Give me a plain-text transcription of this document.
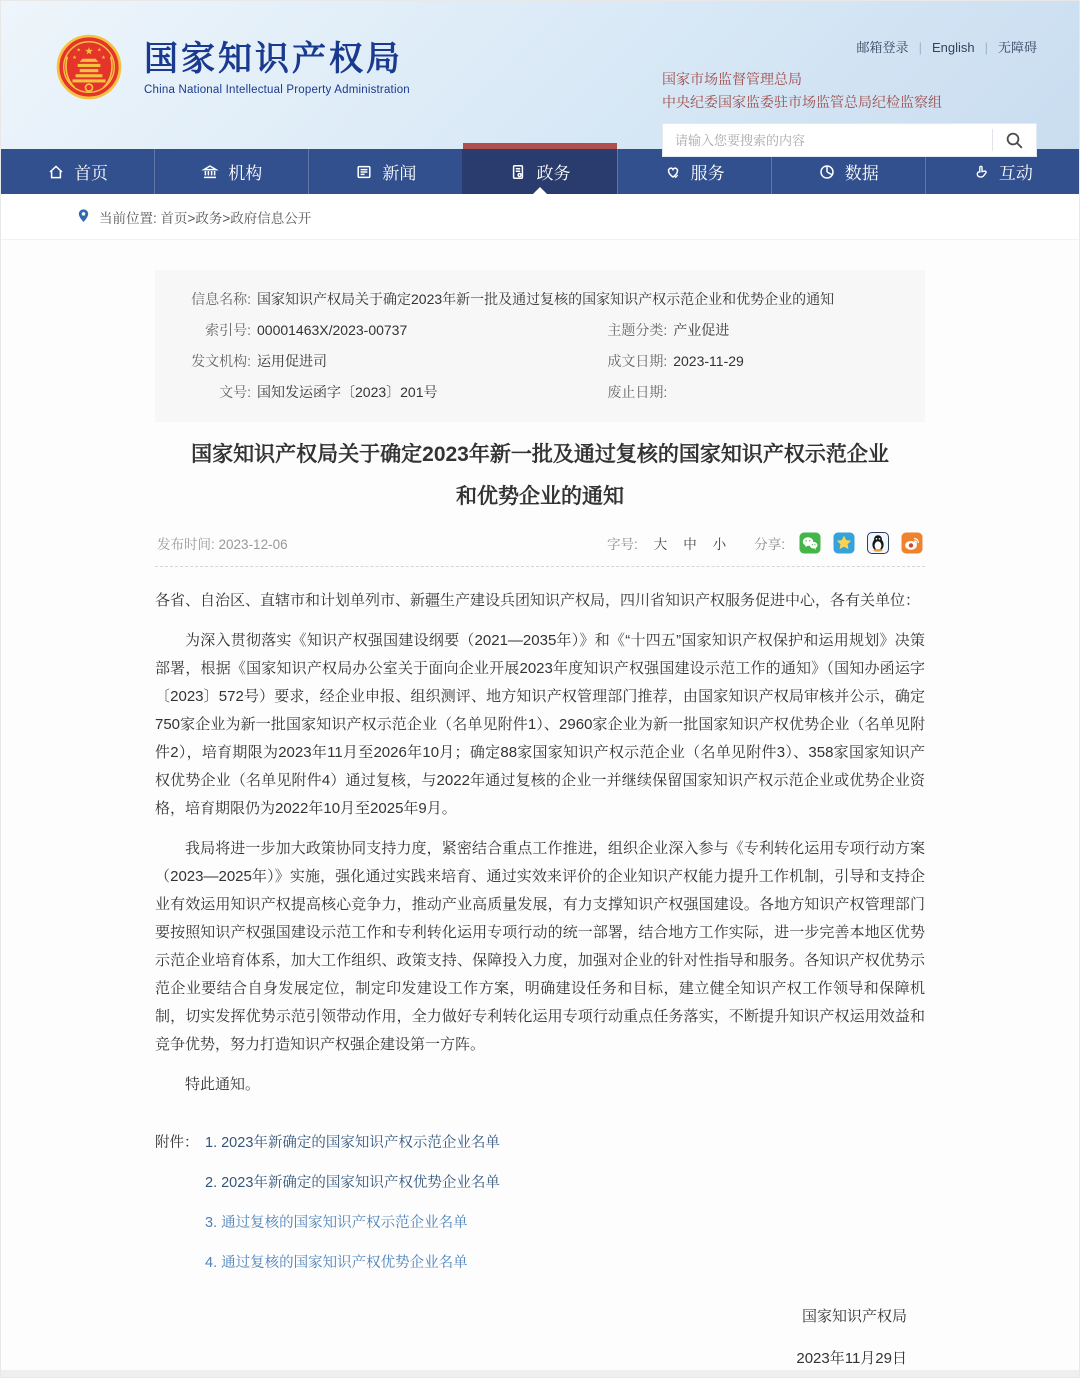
★
★	★
★	★ 国家知识产权局
China National Intellectual Property Administration
邮箱登录 | English | 无障碍
国家市场监督管理总局
中央纪委国家监委驻市场监管总局纪检监察组
请输入您要搜索的内容
首页	机构	新闻	政务	服务	数据	互动
当前位置:
首页>政务>政府信息公开
信息名称: 国家知识产权局关于确定2023年新一批及通过复核的国家知识产权示范企业和优势企业的通知
索引号: 00001463X/2023-00737	主题分类: 产业促进
发文机构: 运用促进司	成文日期: 2023-11-29
文号: 国知发运函字〔2023〕201号	废止日期:
国家知识产权局关于确定2023年新一批及通过复核的国家知识产权示范企业
和优势企业的通知
发布时间: 2023-12-06	字号: 大 中 小 分享:

各省、自治区、直辖市和计划单列市、新疆生产建设兵团知识产权局，四川省知识产权服务促进中心，各有关单位：

为深入贯彻落实《知识产权强国建设纲要（2021—2035年）》和《“十四五”国家知识产权保护和运用规划》决策部署，根据《国家知识产权局办公室关于面向企业开展2023年度知识产权强国建设示范工作的通知》（国知办函运字〔2023〕572号）要求，经企业申报、组织测评、地方知识产权管理部门推荐，由国家知识产权局审核并公示，确定750家企业为新一批国家知识产权示范企业（名单见附件1）、2960家企业为新一批国家知识产权优势企业（名单见附件2），培育期限为2023年11月至2026年10月；确定88家国家知识产权示范企业（名单见附件3）、358家国家知识产权优势企业（名单见附件4）通过复核，与2022年通过复核的企业一并继续保留国家知识产权示范企业或优势企业资格，培育期限仍为2022年10月至2025年9月。

我局将进一步加大政策协同支持力度，紧密结合重点工作推进，组织企业深入参与《专利转化运用专项行动方案（2023—2025年）》实施，强化通过实践来培育、通过实效来评价的企业知识产权能力提升工作机制，引导和支持企业有效运用知识产权提高核心竞争力，推动产业高质量发展，有力支撑知识产权强国建设。各地方知识产权管理部门要按照知识产权强国建设示范工作和专利转化运用专项行动的统一部署，结合地方工作实际，进一步完善本地区优势示范企业培育体系，加大工作组织、政策支持、保障投入力度，加强对企业的针对性指导和服务。各知识产权优势示范企业要结合自身发展定位，制定印发建设工作方案，明确建设任务和目标，建立健全知识产权工作领导和保障机制，切实发挥优势示范引领带动作用，全力做好专利转化运用专项行动重点任务落实，不断提升知识产权运用效益和竞争优势，努力打造知识产权强企建设第一方阵。

特此通知。

附件： 1. 2023年新确定的国家知识产权示范企业名单
2. 2023年新确定的国家知识产权优势企业名单
3. 通过复核的国家知识产权示范企业名单
4. 通过复核的国家知识产权优势企业名单
国家知识产权局
2023年11月29日
